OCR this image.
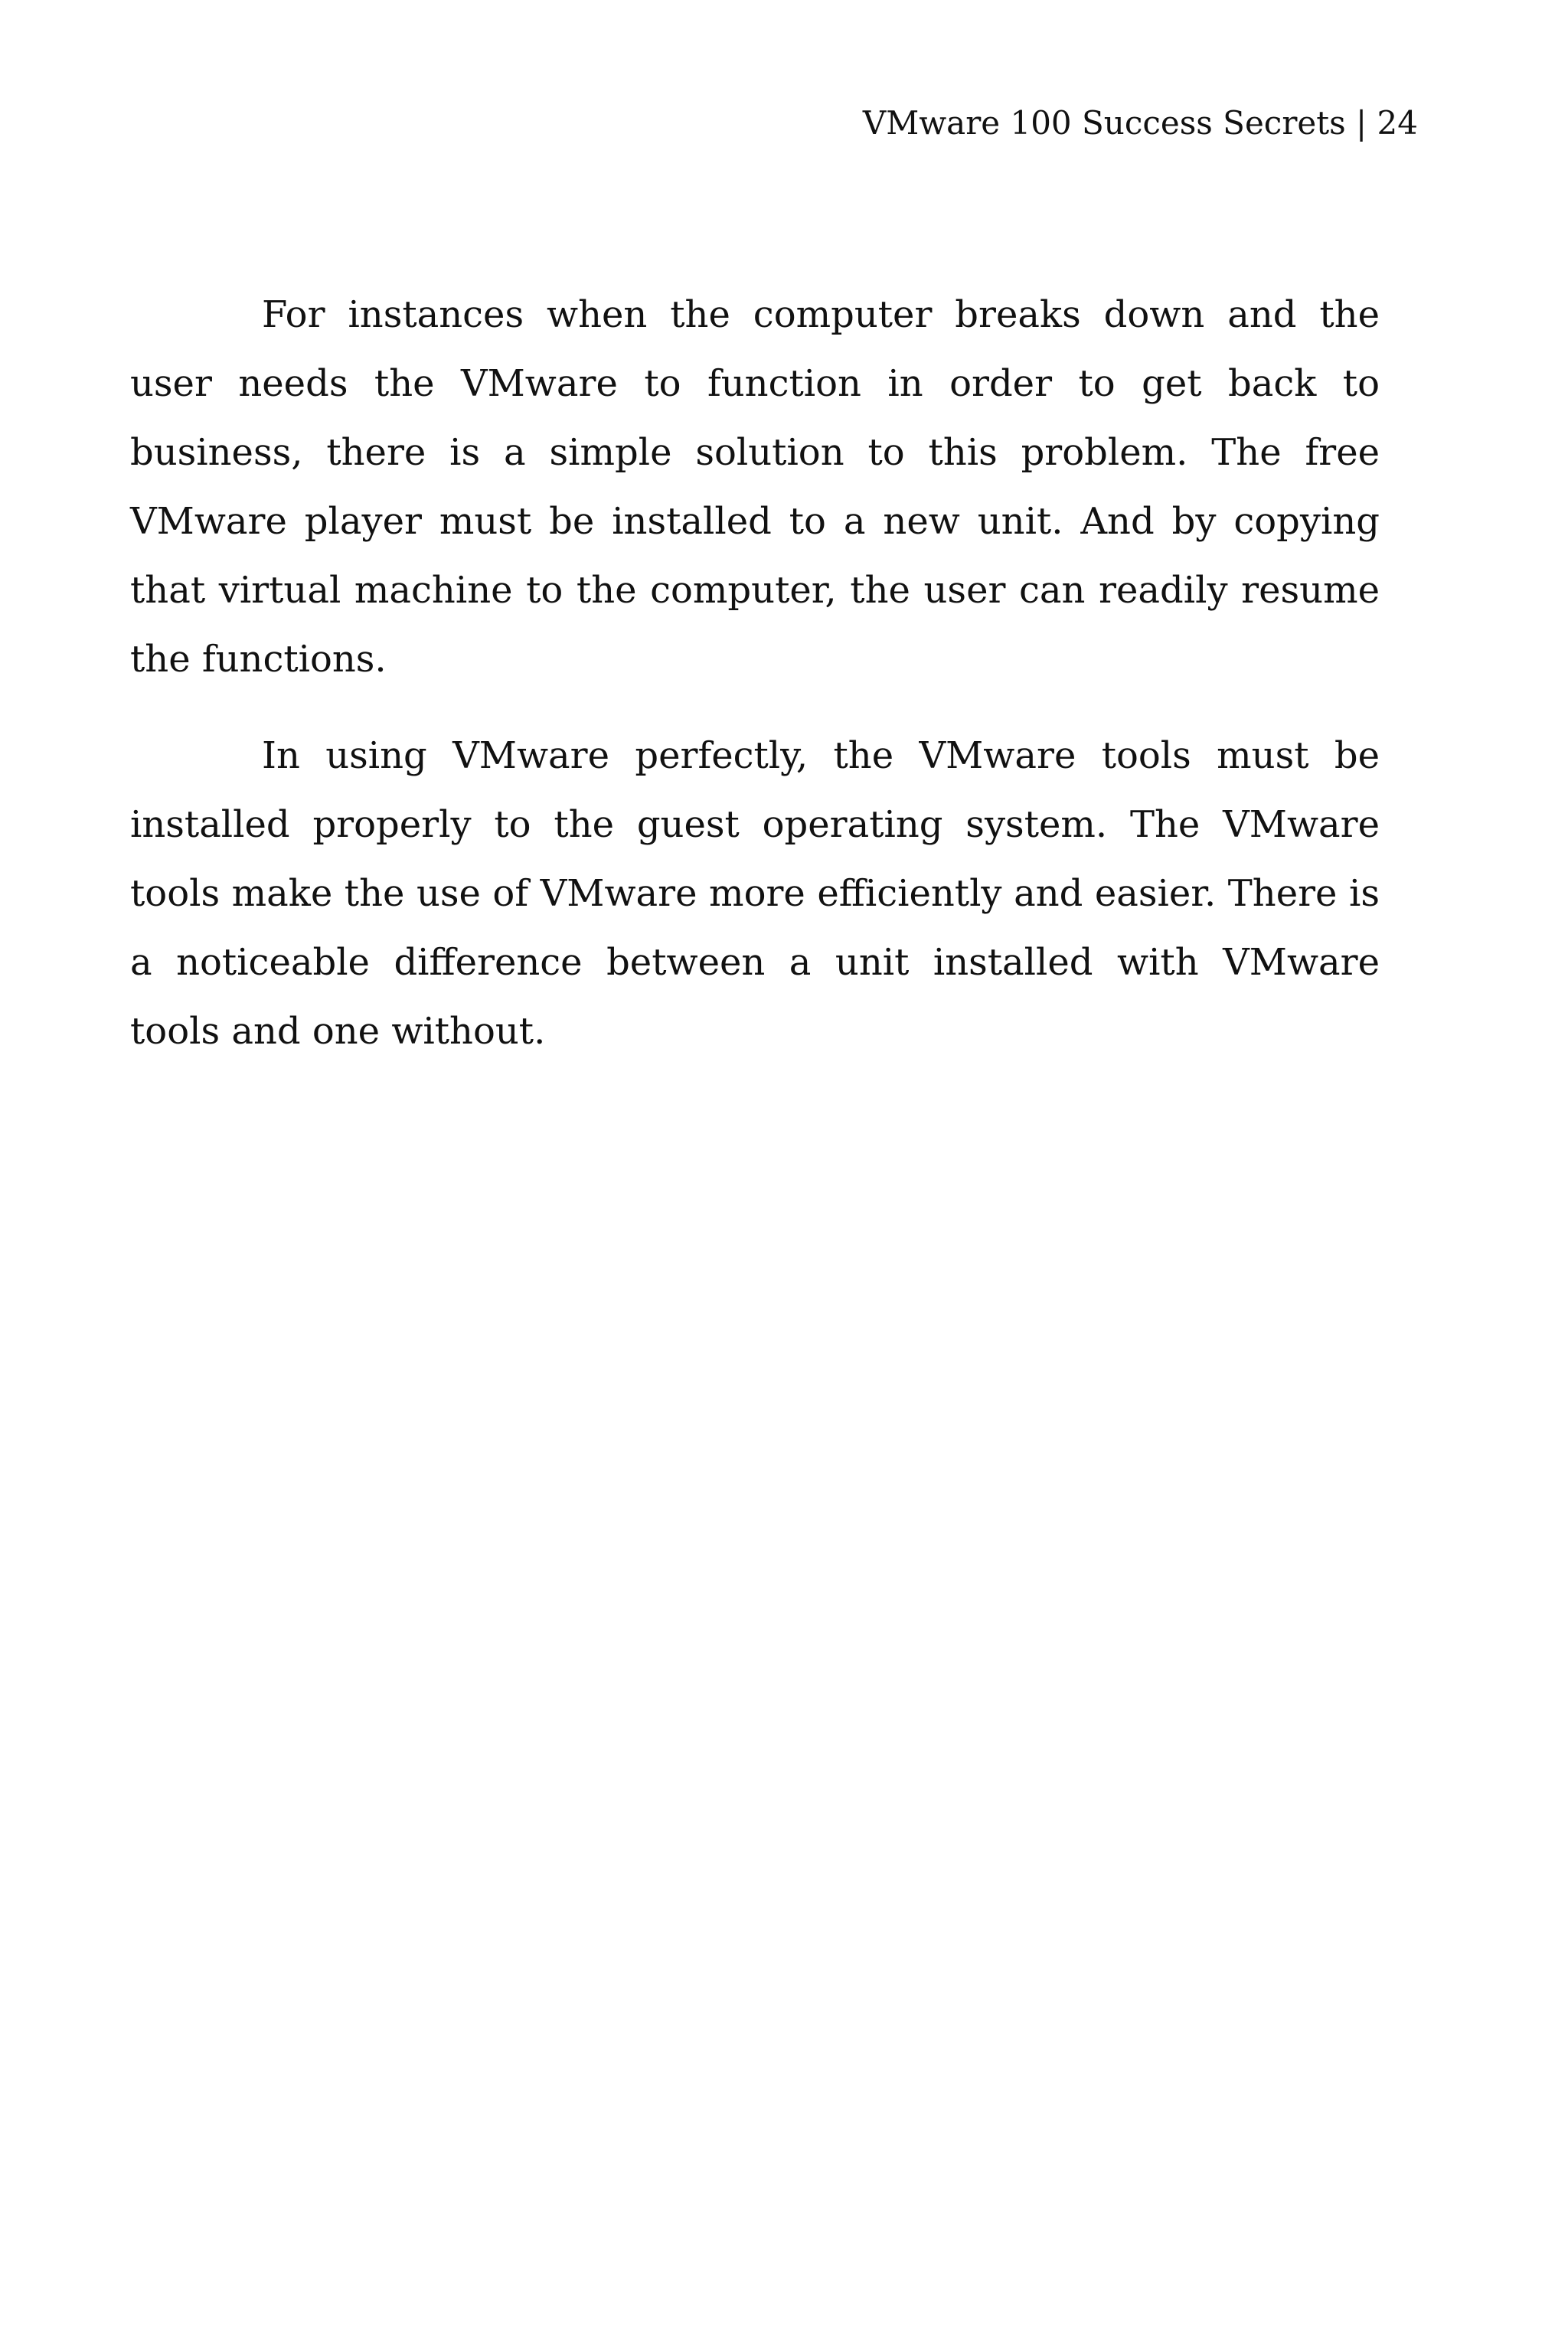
VMware 100 Success Secrets | 24

For instances when the computer breaks down and the user needs the VMware to function in order to get back to business, there is a simple solution to this problem. The free VMware player must be installed to a new unit. And by copying that virtual machine to the computer, the user can readily resume the functions.

In using VMware perfectly, the VMware tools must be installed properly to the guest operating system. The VMware tools make the use of VMware more efficiently and easier. There is a noticeable difference between a unit installed with VMware tools and one without.
